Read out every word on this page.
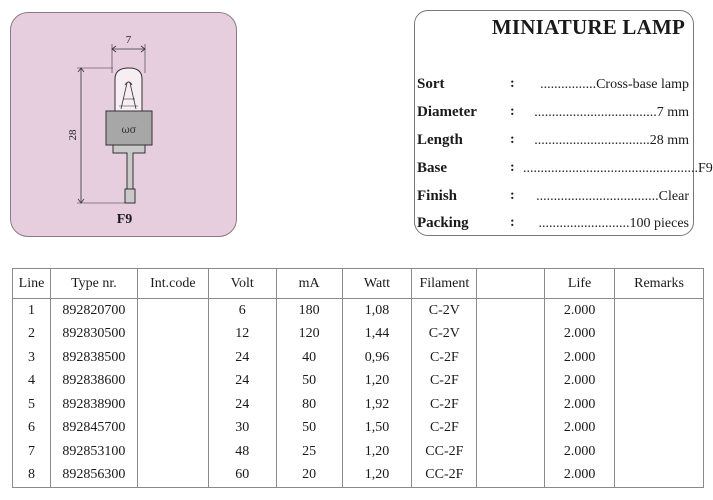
7
28	ωσ
F9
MINIATURE LAMP
Sort	:	................Cross-base lamp
Diameter :	...................................7 mm
Length	:	.................................28 mm
Base	: ..................................................F9
Finish	:	...................................Clear
Packing	:	..........................100 pieces
Line	Type nr.	Int.code	Volt	mA	Watt	Filament		Life	Remarks
1	892820700		6	180	1,08	C-2V		2.000	
2	892830500		12	120	1,44	C-2V		2.000	
3	892838500		24	40	0,96	C-2F		2.000	
4	892838600		24	50	1,20	C-2F		2.000	
5	892838900		24	80	1,92	C-2F		2.000	
6	892845700		30	50	1,50	C-2F		2.000	
7	892853100		48	25	1,20	CC-2F		2.000	
8	892856300		60	20	1,20	CC-2F		2.000	
